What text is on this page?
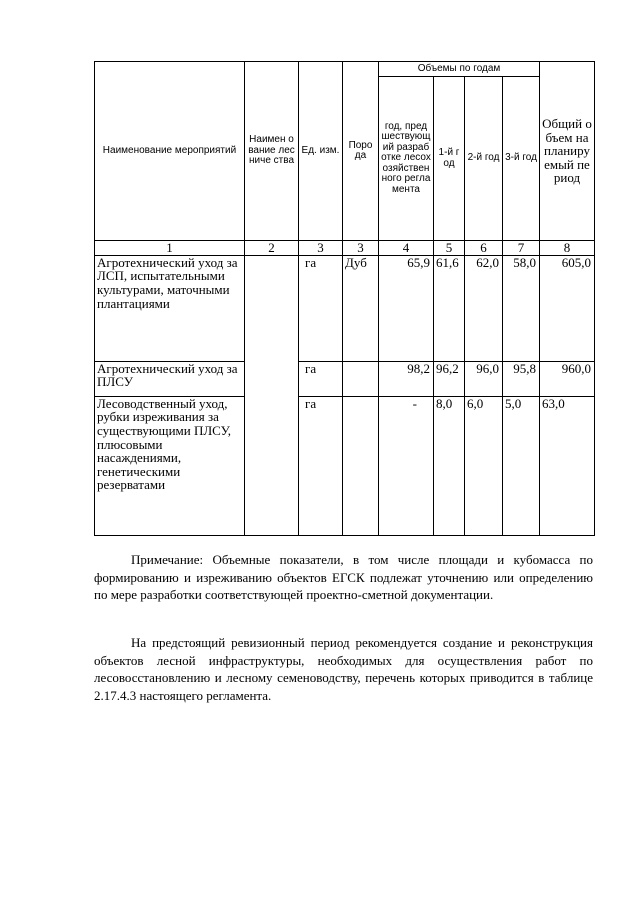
Наименование мероприятий	Наимен ование лесниче ства	Ед. изм.	Поро да	Объемы по годам				Общий объем на планируемый период

				год, предшествующий разработке лесохозяйственного регламента	1-й год	2-й год	3-й год	

1	2	3	3	4	5	6	7	8
Агротехнический уход за ЛСП, испытательными культурами, маточными плантациями		га	Дуб	65,9	61,6	62,0	58,0	605,0
Агротехнический уход за ПЛСУ		га		98,2	96,2	96,0	95,8	960,0
Лесоводственный уход, рубки изреживания за существующими ПЛСУ, плюсовыми насаждениями, генетическими резерватами		га		-	8,0	6,0	5,0	63,0

Примечание: Объемные показатели, в том числе площади и кубомасса по формированию и изреживанию объектов ЕГСК подлежат уточнению или определению по мере разработки соответствующей проектно-сметной документации.

На предстоящий ревизионный период рекомендуется создание и реконструкция объектов лесной инфраструктуры, необходимых для осуществления работ по лесовосстановлению и лесному семеноводству, перечень которых приводится в таблице 2.17.4.3 настоящего регламента.
